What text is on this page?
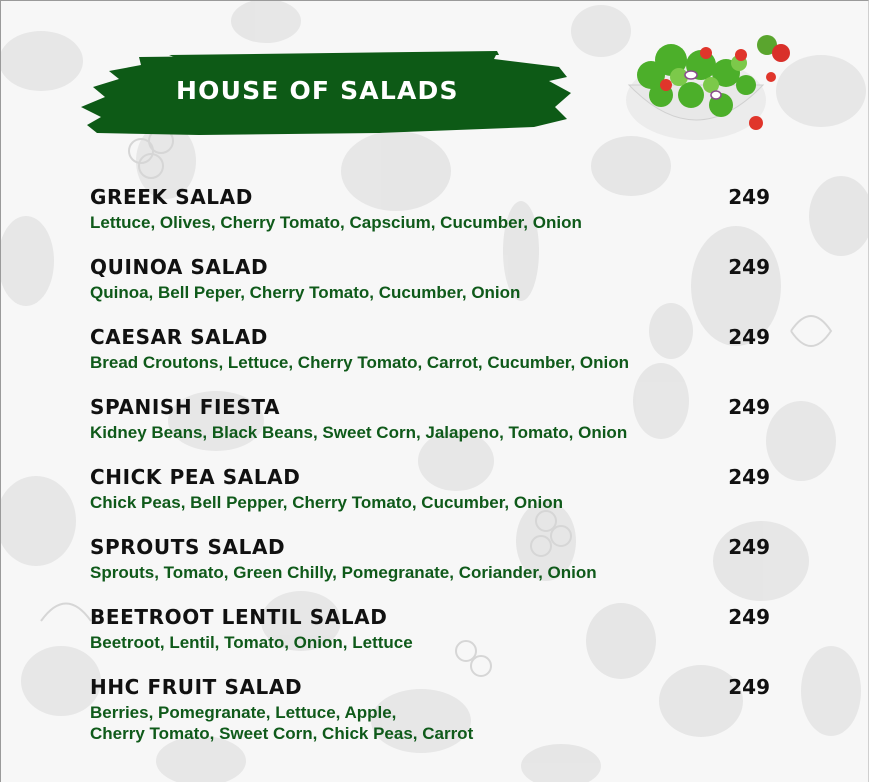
HOUSE OF SALADS
GREEK SALAD	249
Lettuce, Olives, Cherry Tomato, Capscium, Cucumber, Onion
QUINOA SALAD	249
Quinoa, Bell Peper, Cherry Tomato, Cucumber, Onion
CAESAR SALAD	249
Bread Croutons, Lettuce, Cherry Tomato, Carrot, Cucumber, Onion
SPANISH FIESTA	249
Kidney Beans, Black Beans, Sweet Corn, Jalapeno, Tomato, Onion
CHICK PEA SALAD	249
Chick Peas, Bell Pepper, Cherry Tomato, Cucumber, Onion
SPROUTS SALAD	249
Sprouts, Tomato, Green Chilly, Pomegranate, Coriander, Onion
BEETROOT LENTIL SALAD	249
Beetroot, Lentil, Tomato, Onion, Lettuce
HHC FRUIT SALAD	249
Berries, Pomegranate, Lettuce, Apple,
Cherry Tomato, Sweet Corn, Chick Peas, Carrot
